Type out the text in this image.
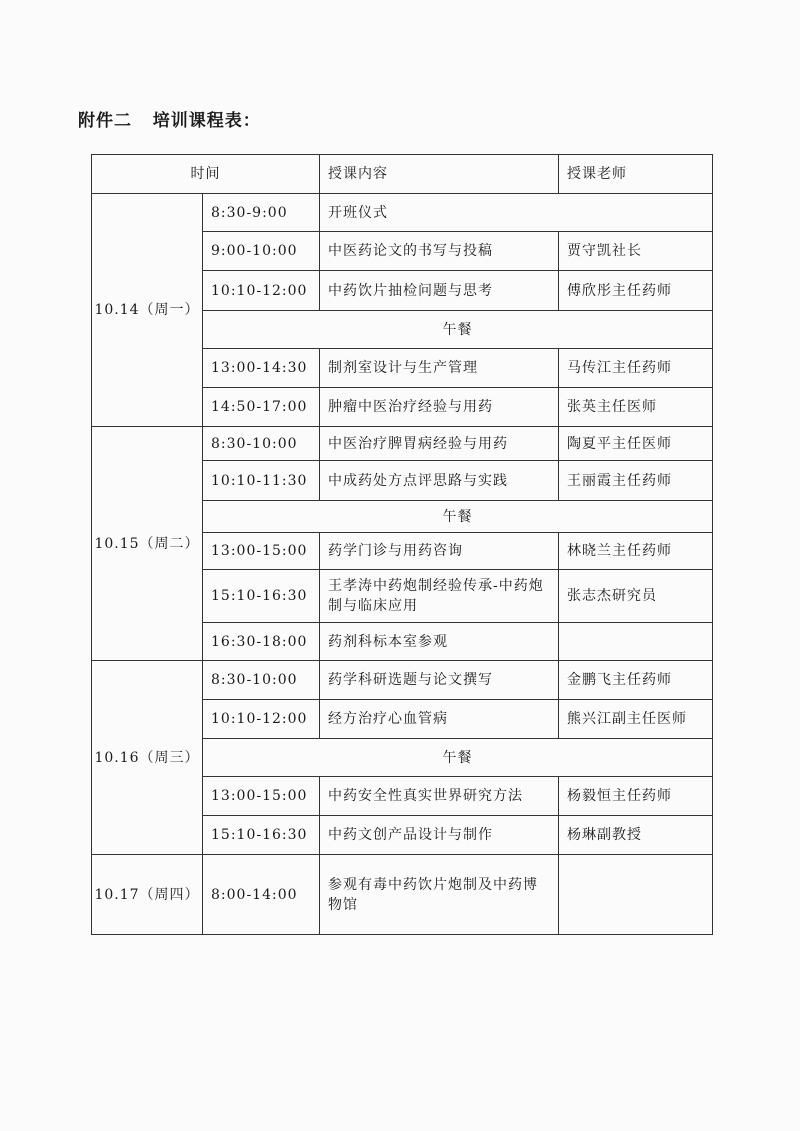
附件二   培训课程表：
时间		授课内容	授课老师
10.14（周一）	8:30-9:00	开班仪式	
	9:00-10:00	中医药论文的书写与投稿	贾守凯社长
	10:10-12:00	中药饮片抽检问题与思考	傅欣彤主任药师
	午餐		
	13:00-14:30	制剂室设计与生产管理	马传江主任药师
	14:50-17:00	肿瘤中医治疗经验与用药	张英主任医师
10.15（周二）	8:30-10:00	中医治疗脾胃病经验与用药	陶夏平主任医师
	10:10-11:30	中成药处方点评思路与实践	王丽霞主任药师
	午餐		
	13:00-15:00	药学门诊与用药咨询	林晓兰主任药师
	15:10-16:30	王孝涛中药炮制经验传承-中药炮制与临床应用	张志杰研究员
	16:30-18:00	药剂科标本室参观	
10.16（周三）	8:30-10:00	药学科研选题与论文撰写	金鹏飞主任药师
	10:10-12:00	经方治疗心血管病	熊兴江副主任医师
	午餐		
	13:00-15:00	中药安全性真实世界研究方法	杨毅恒主任药师
	15:10-16:30	中药文创产品设计与制作	杨琳副教授
10.17（周四）	8:00-14:00	参观有毒中药饮片炮制及中药博物馆	
